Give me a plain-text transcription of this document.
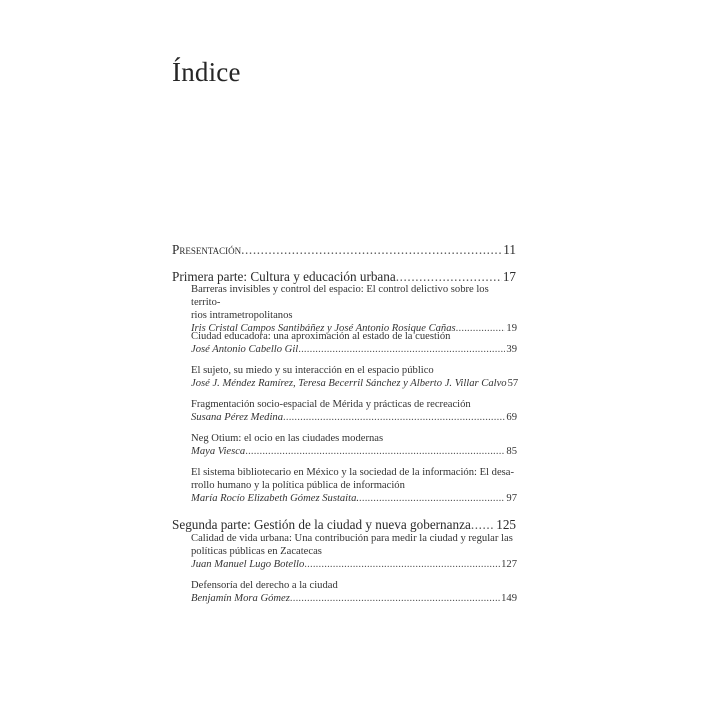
Índice
Presentación .....	11
Primera parte: Cultura y educación urbana .....	17
Barreras invisibles y control del espacio: El control delictivo sobre los territo-
rios intrametropolitanos
Iris Cristal Campos Santibáñez y José Antonio Rosique Cañas .....	19
Ciudad educadora: una aproximación al estado de la cuestión
José Antonio Cabello Gil .....	39
El sujeto, su miedo y su interacción en el espacio público
José J. Méndez Ramírez, Teresa Becerril Sánchez y Alberto J. Villar Calvo 57
Fragmentación socio-espacial de Mérida y prácticas de recreación
Susana Pérez Medina .....	69
Neg Otium: el ocio en las ciudades modernas
Maya Viesca .....	85
El sistema bibliotecario en México y la sociedad de la información: El desa-
rrollo humano y la política pública de información
María Rocío Elizabeth Gómez Sustaita. .....	97
Segunda parte: Gestión de la ciudad y nueva gobernanza ..... 125
Calidad de vida urbana: Una contribución para medir la ciudad y regular las
políticas públicas en Zacatecas
Juan Manuel Lugo Botello .....	127
Defensoría del derecho a la ciudad
Benjamín Mora Gómez .....	149
